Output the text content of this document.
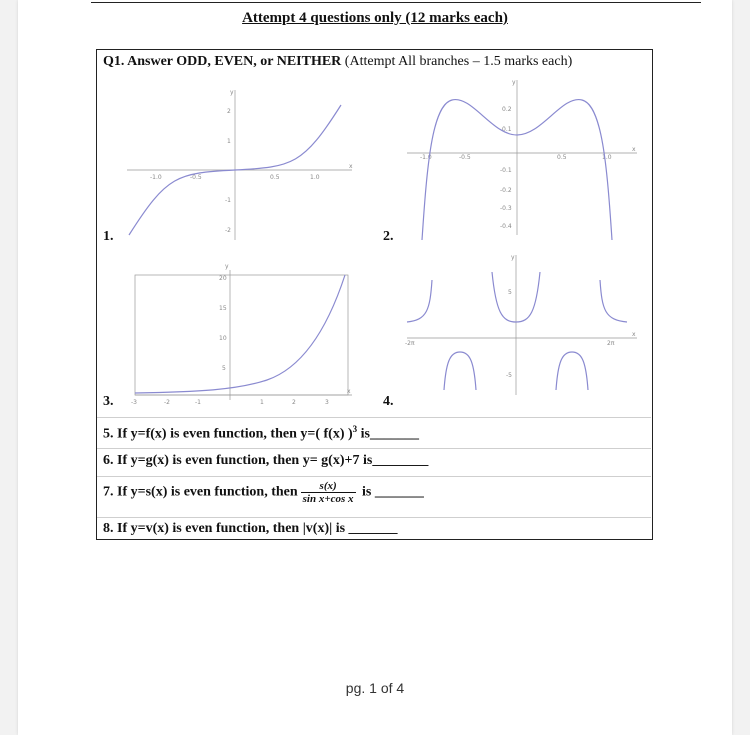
Attempt 4 questions only (12 marks each)
Q1. Answer ODD, EVEN, or NEITHER (Attempt All branches – 1.5 marks each)
-1.0	-0.5	0.5	1.0
2
1
-1
-2
x
y
1.
-1.0	-0.5	0.5	1.0
0.2
0.1
-0.1
-0.2
-0.3
-0.4
x
y
2.
-3	-2	-1	1	2	3
20
15
10
5
x
y
3.
-2π	2π
5
-5
x
y
4.
5. If y=f(x) is even function, then y=( f(x) )$^3$ is_______
6. If y=g(x) is even function, then y= g(x)+7 is________
7. If y=s(x) is even function, then $\frac{s(x)}{\text{sin x+cos x}}$ is _______
8. If y=v(x) is even function, then |v(x)| is _______
pg. 1 of 4
